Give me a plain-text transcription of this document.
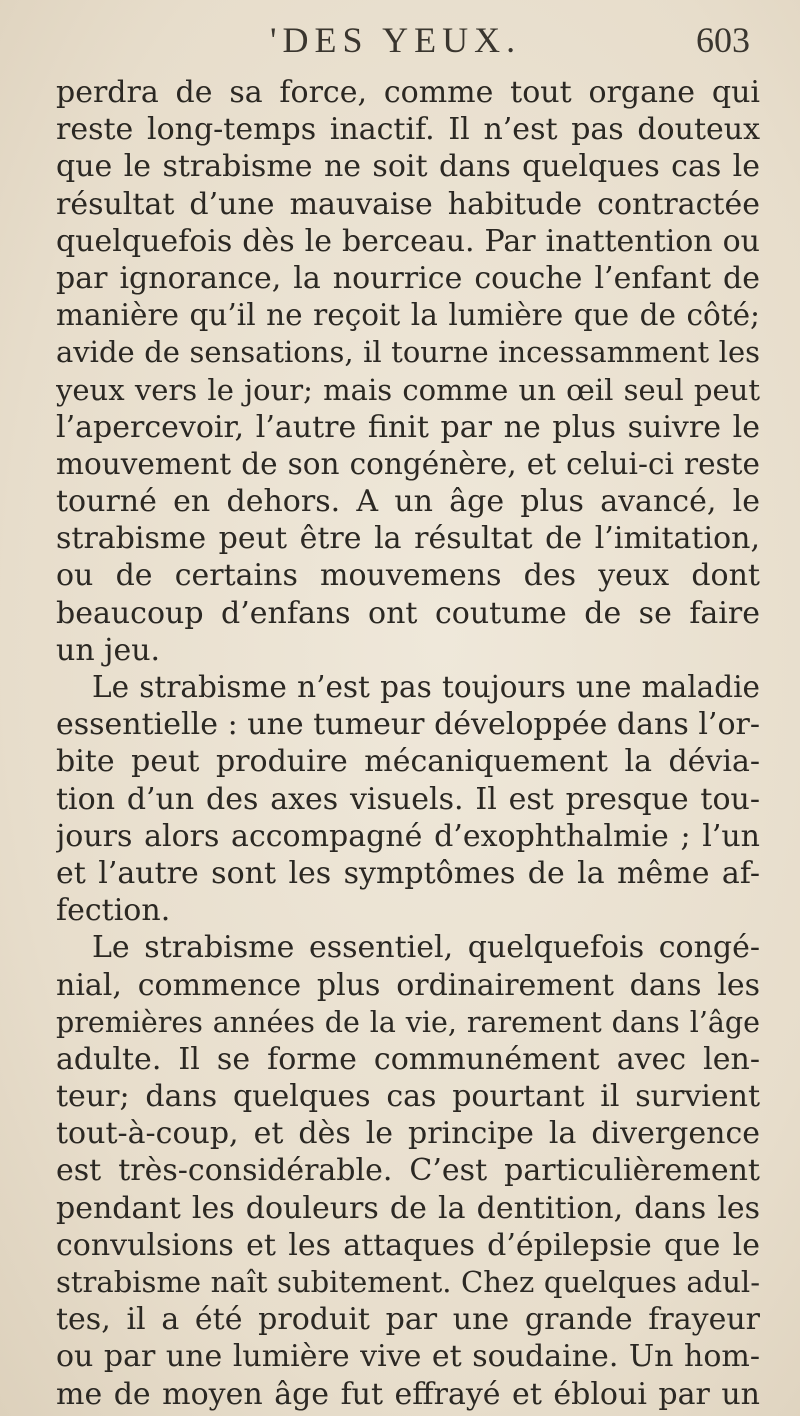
'DES YEUX.	603
perdra de sa force, comme tout organe qui
reste long-temps inactif. Il n’est pas douteux
que le strabisme ne soit dans quelques cas le
résultat d’une mauvaise habitude contractée
quelquefois dès le berceau. Par inattention ou
par ignorance, la nourrice couche l’enfant de
manière qu’il ne reçoit la lumière que de côté;
avide de sensations, il tourne incessamment les
yeux vers le jour; mais comme un œil seul peut
l’apercevoir, l’autre finit par ne plus suivre le
mouvement de son congénère, et celui-ci reste
tourné en dehors. A un âge plus avancé, le
strabisme peut être la résultat de l’imitation,
ou de certains mouvemens des yeux dont
beaucoup d’enfans ont coutume de se faire
un jeu.
Le strabisme n’est pas toujours une maladie
essentielle : une tumeur développée dans l’or-
bite peut produire mécaniquement la dévia-
tion d’un des axes visuels. Il est presque tou-
jours alors accompagné d’exophthalmie ; l’un
et l’autre sont les symptômes de la même af-
fection.
Le strabisme essentiel, quelquefois congé-
nial, commence plus ordinairement dans les
premières années de la vie, rarement dans l’âge
adulte. Il se forme communément avec len-
teur; dans quelques cas pourtant il survient
tout-à-coup, et dès le principe la divergence
est très-considérable. C’est particulièrement
pendant les douleurs de la dentition, dans les
convulsions et les attaques d’épilepsie que le
strabisme naît subitement. Chez quelques adul-
tes, il a été produit par une grande frayeur
ou par une lumière vive et soudaine. Un hom-
me de moyen âge fut effrayé et ébloui par un
